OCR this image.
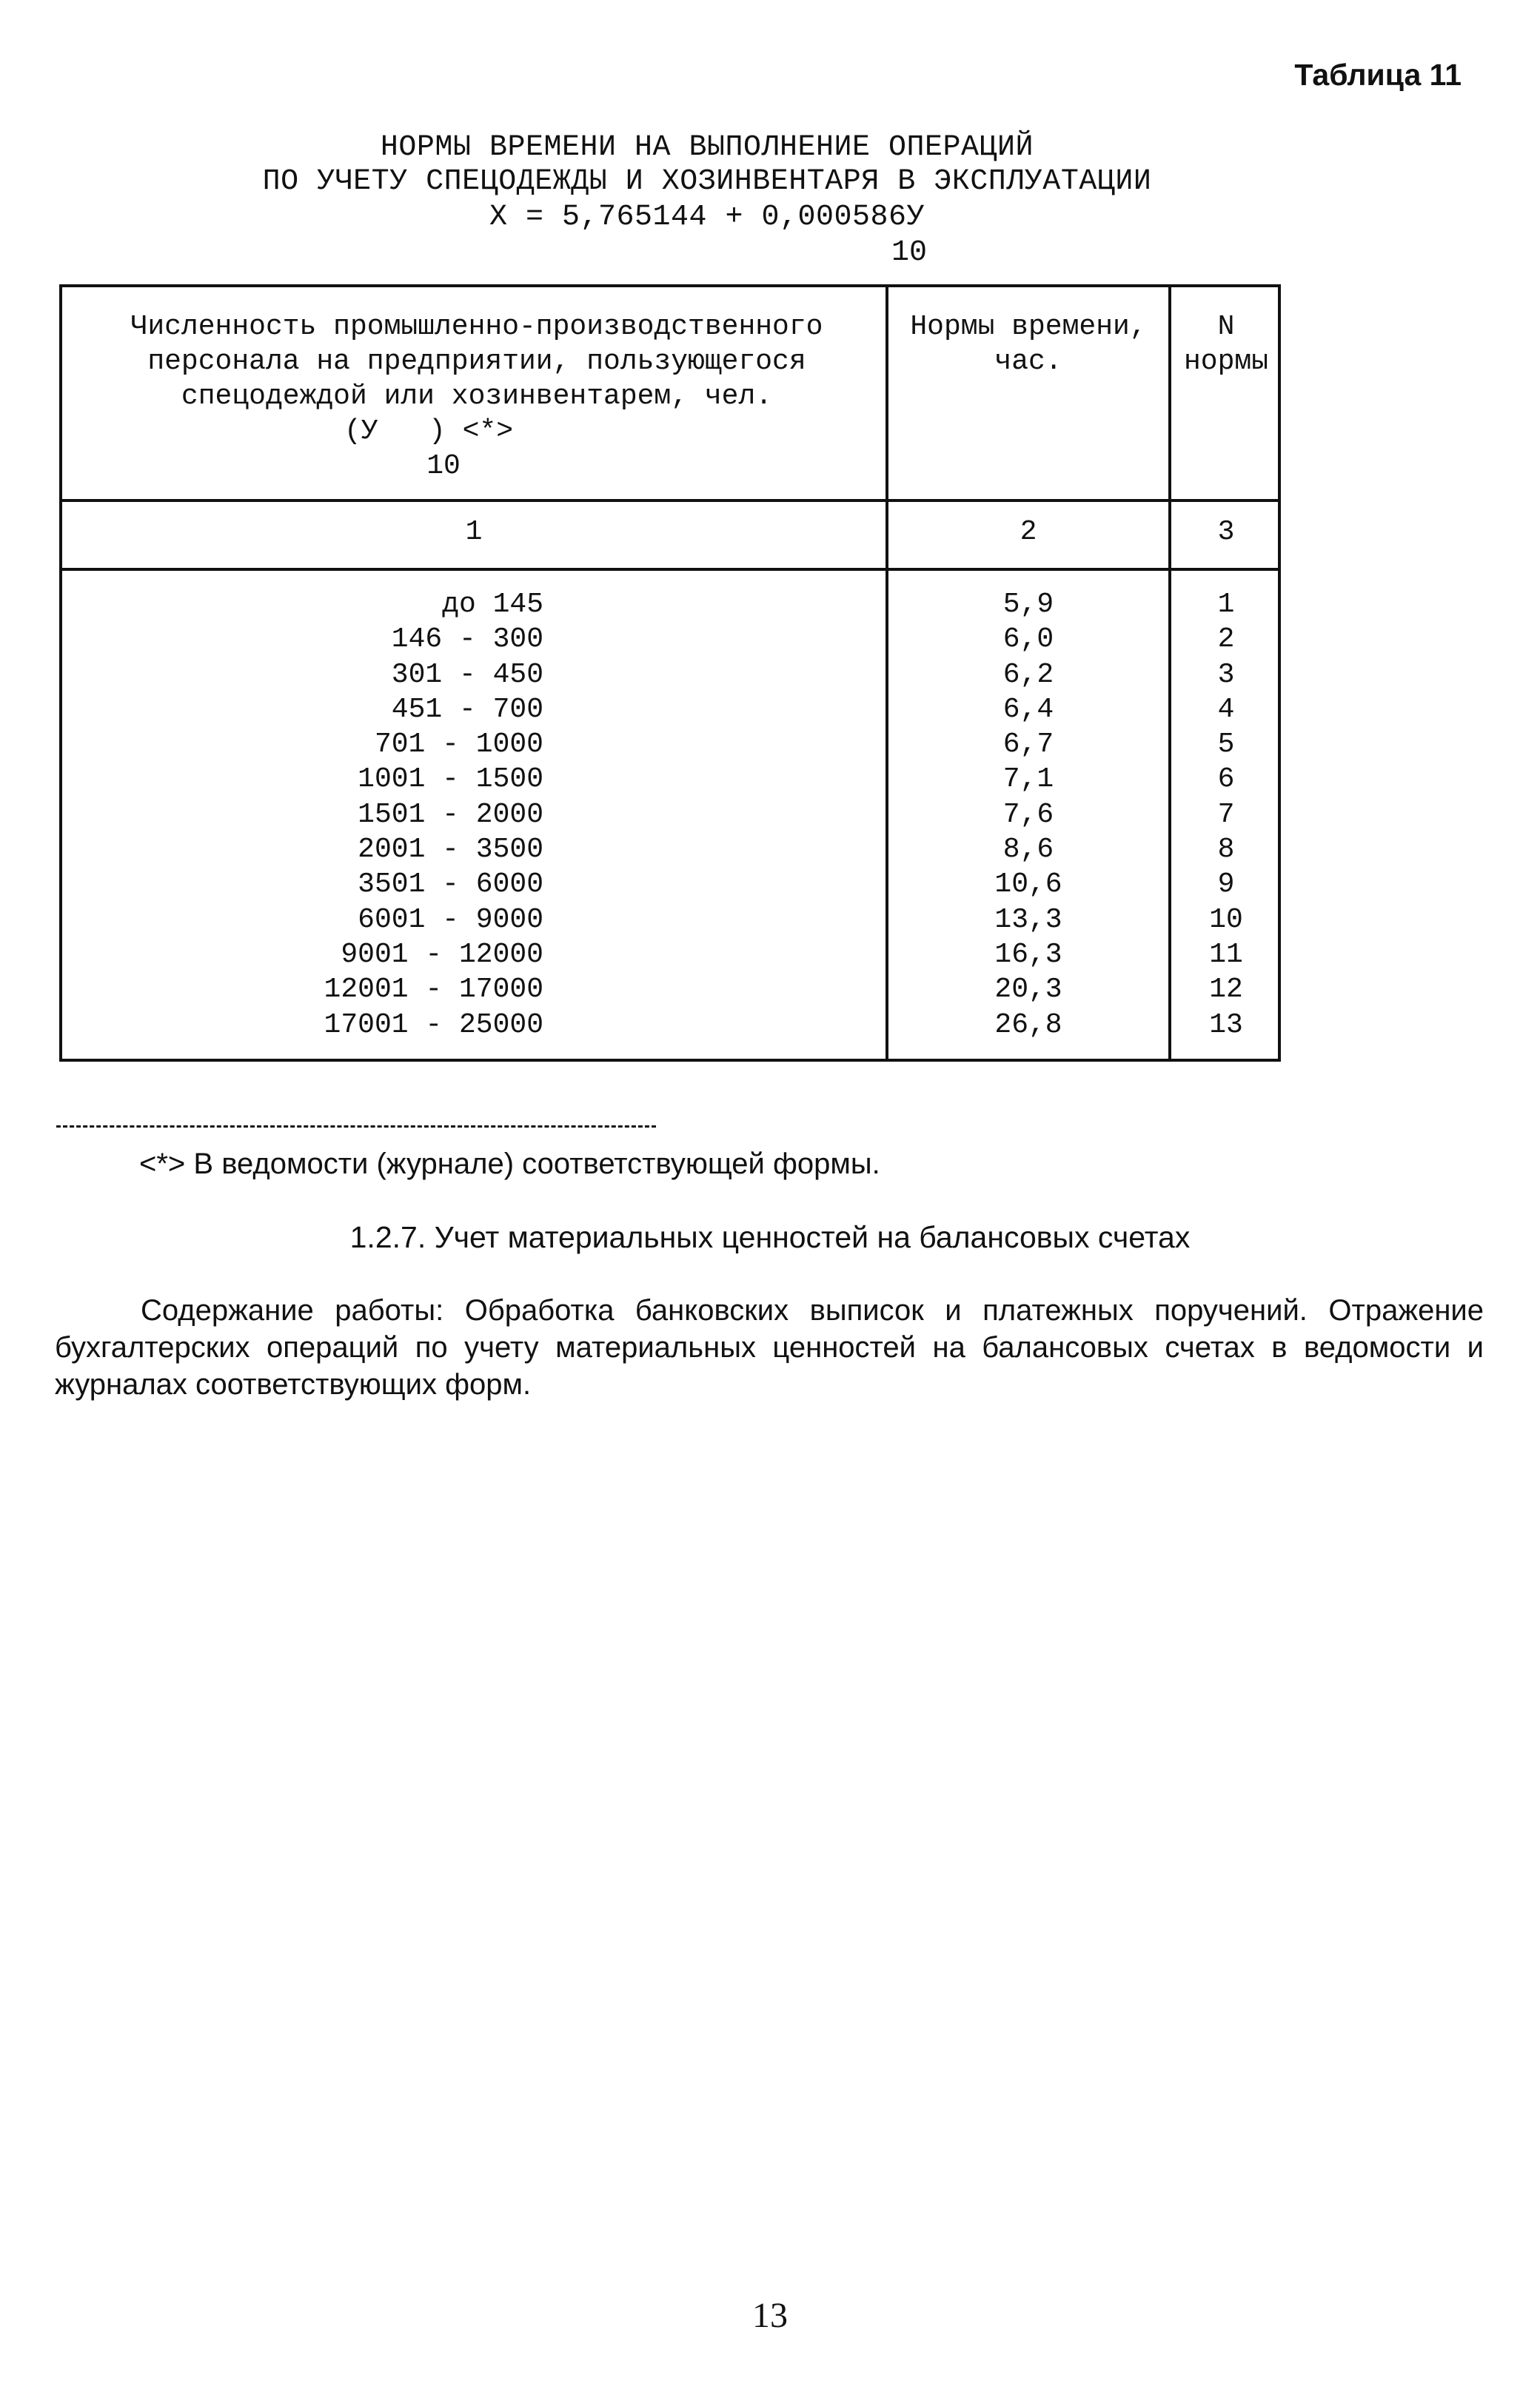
Таблица 11
НОРМЫ ВРЕМЕНИ НА ВЫПОЛНЕНИЕ ОПЕРАЦИЙ
ПО УЧЕТУ СПЕЦОДЕЖДЫ И ХОЗИНВЕНТАРЯ В ЭКСПЛУАТАЦИИ
X = 5,765144 + 0,000586У
10
Численность промышленно-производственного
персонала на предприятии, пользующегося
спецодеждой или хозинвентарем, чел.
(У   ) <*>
10
Нормы времени,
час.
N
нормы
1	2	3
до 145
146 - 300
301 - 450
451 - 700
701 - 1000
1001 - 1500
1501 - 2000
2001 - 3500
3501 - 6000
6001 - 9000
9001 - 12000
12001 - 17000
17001 - 25000
5,9
6,0
6,2
6,4
6,7
7,1
7,6
8,6
10,6
13,3
16,3
20,3
26,8
1
2
3
4
5
6
7
8
9
10
11
12
13
<*> В ведомости (журнале) соответствующей формы.
1.2.7. Учет материальных ценностей на балансовых счетах
Содержание работы: Обработка банковских выписок и платежных поручений. Отражение бухгалтерских операций по учету материальных ценностей на балансовых счетах в ведомости и журналах соответствующих форм.
13
